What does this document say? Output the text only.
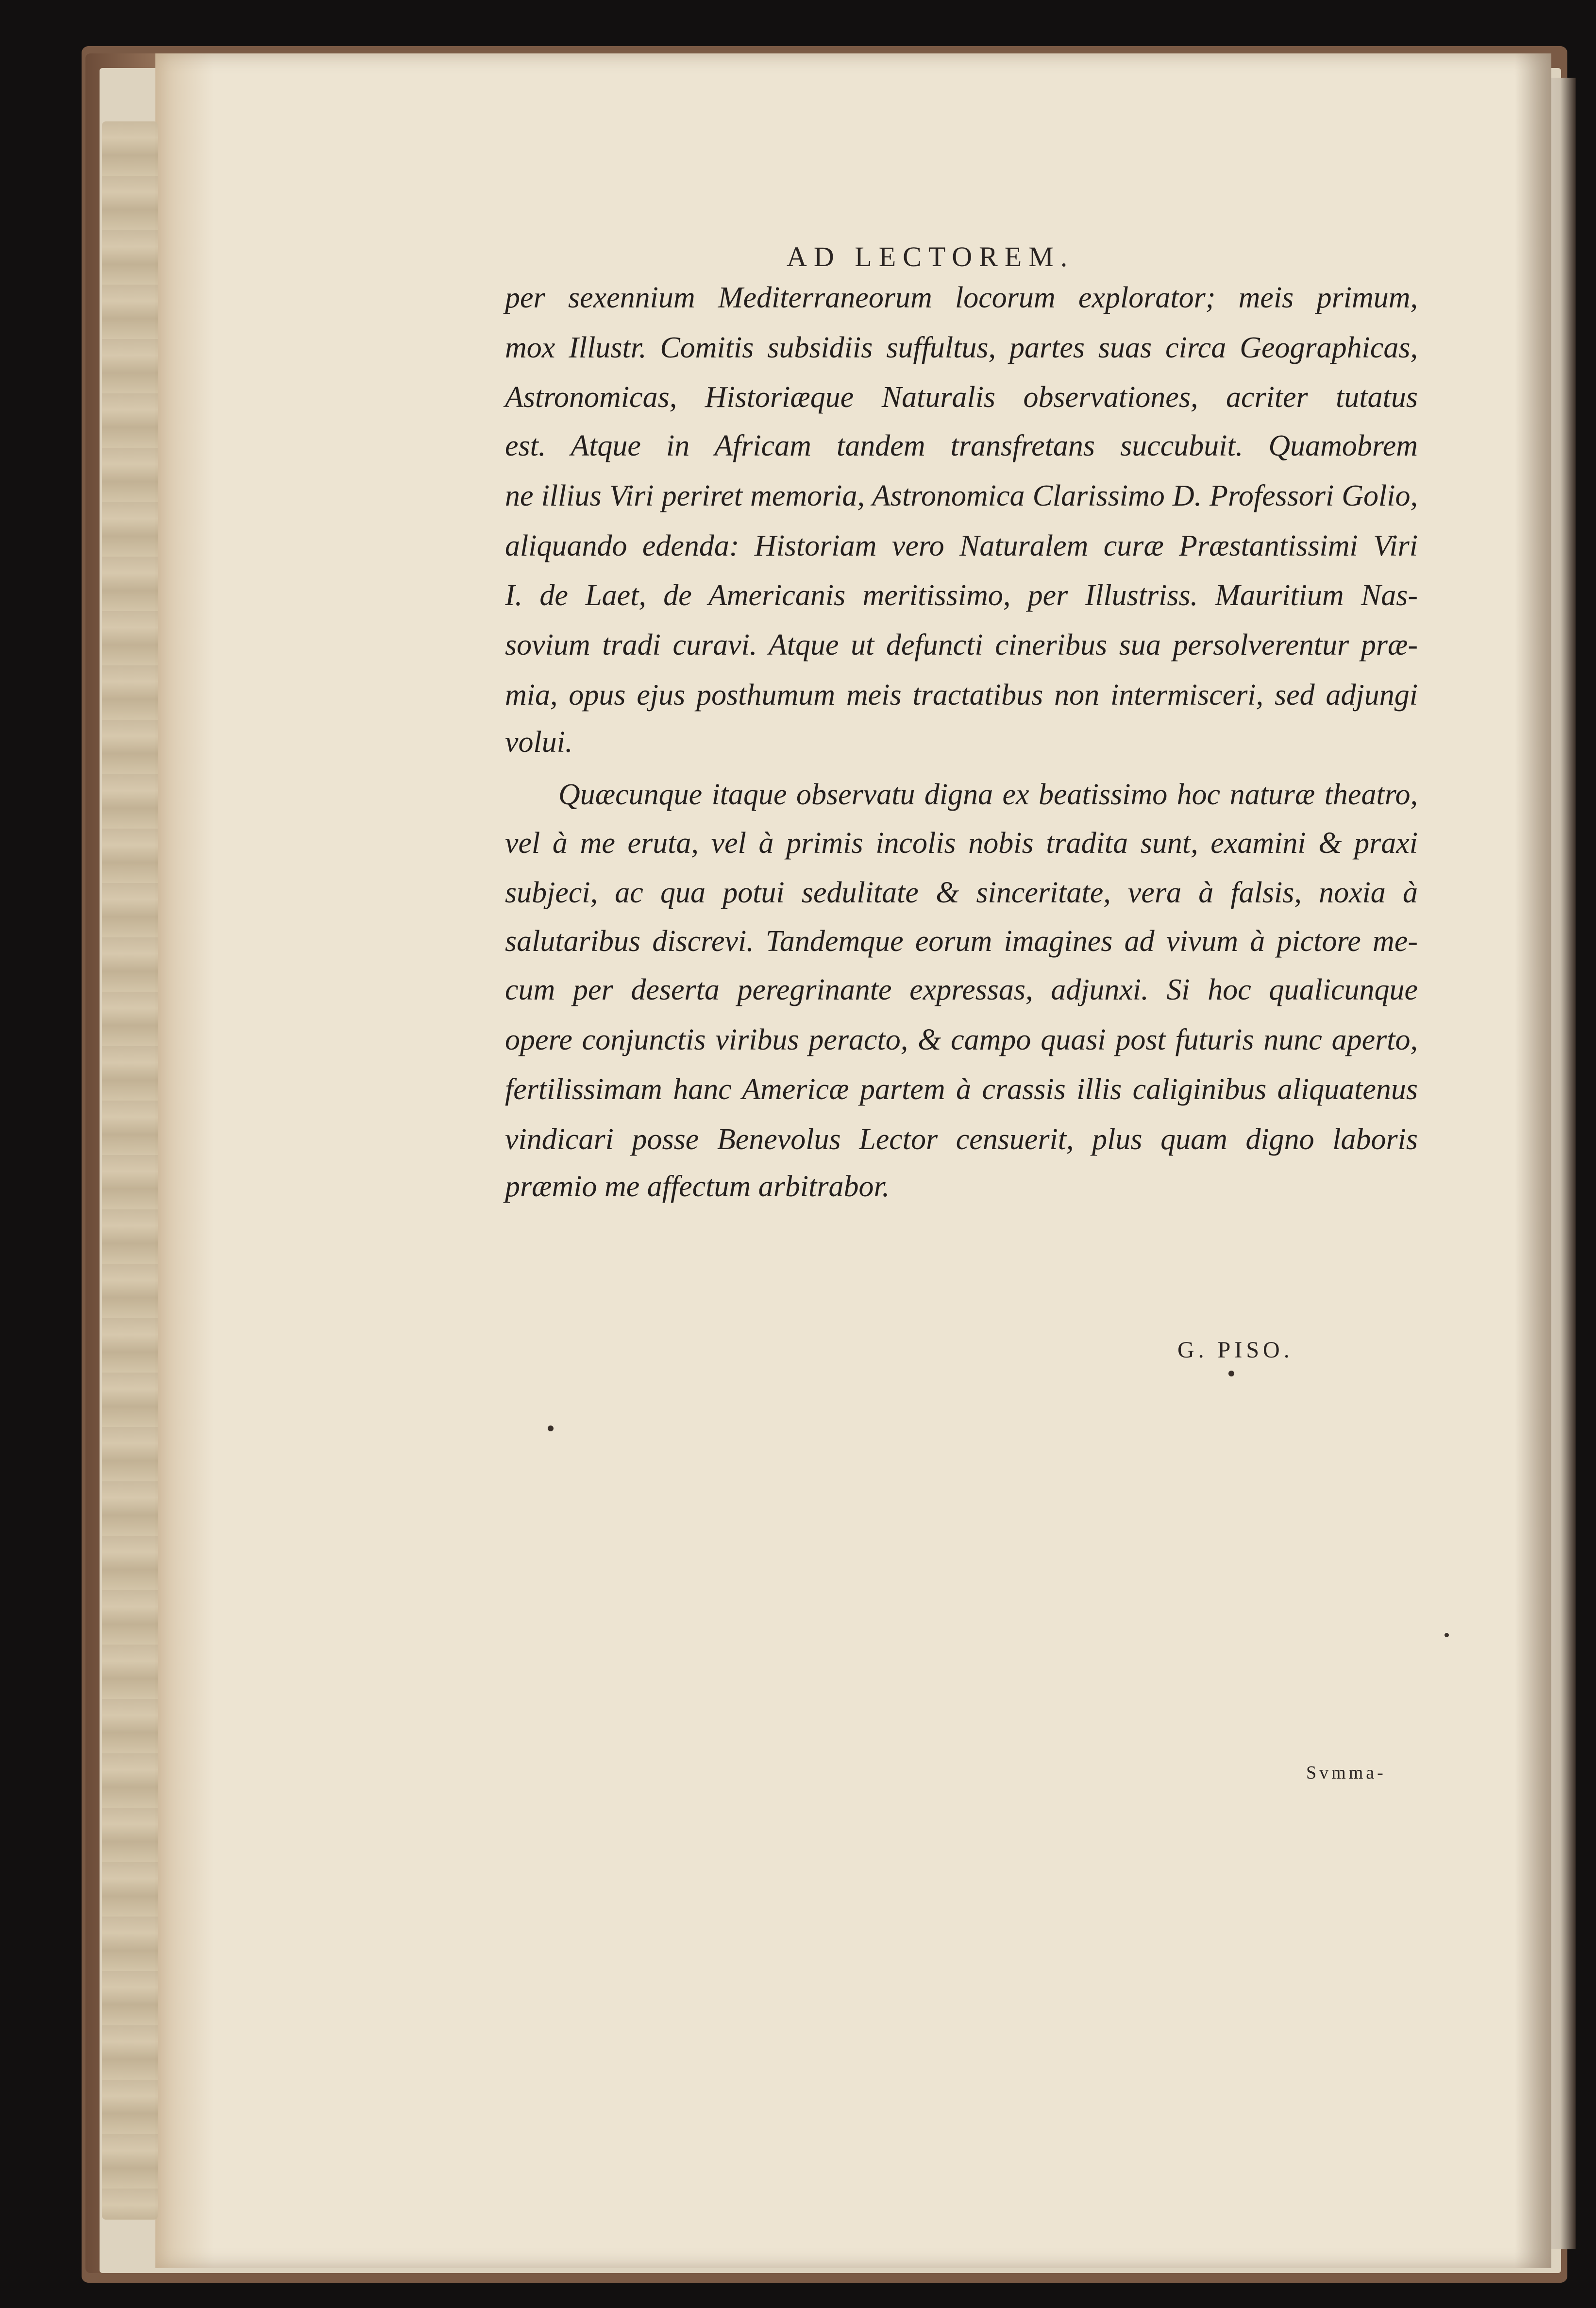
AD LECTOREM.
per sexennium Mediterraneorum locorum explorator; meis primum,
mox Illustr. Comitis subsidiis suffultus, partes suas circa Geographicas,
Astronomicas, Historiæque Naturalis observationes, acriter tutatus
est. Atque in Africam tandem transfretans succubuit. Quamobrem
ne illius Viri periret memoria, Astronomica Clarissimo D. Professori Golio,
aliquando edenda: Historiam vero Naturalem curæ Præstantissimi Viri
I. de Laet, de Americanis meritissimo, per Illustriss. Mauritium Nas-
sovium tradi curavi. Atque ut defuncti cineribus sua persolverentur præ-
mia, opus ejus posthumum meis tractatibus non intermisceri, sed adjungi
volui.
Quæcunque itaque observatu digna ex beatissimo hoc naturæ theatro,
vel à me eruta, vel à primis incolis nobis tradita sunt, examini & praxi
subjeci, ac qua potui sedulitate & sinceritate, vera à falsis, noxia à
salutaribus discrevi. Tandemque eorum imagines ad vivum à pictore me-
cum per deserta peregrinante expressas, adjunxi. Si hoc qualicunque
opere conjunctis viribus peracto, & campo quasi post futuris nunc aperto,
fertilissimam hanc Americæ partem à crassis illis caliginibus aliquatenus
vindicari posse Benevolus Lector censuerit, plus quam digno laboris
præmio me affectum arbitrabor.
G. PISO.
Svmma-
